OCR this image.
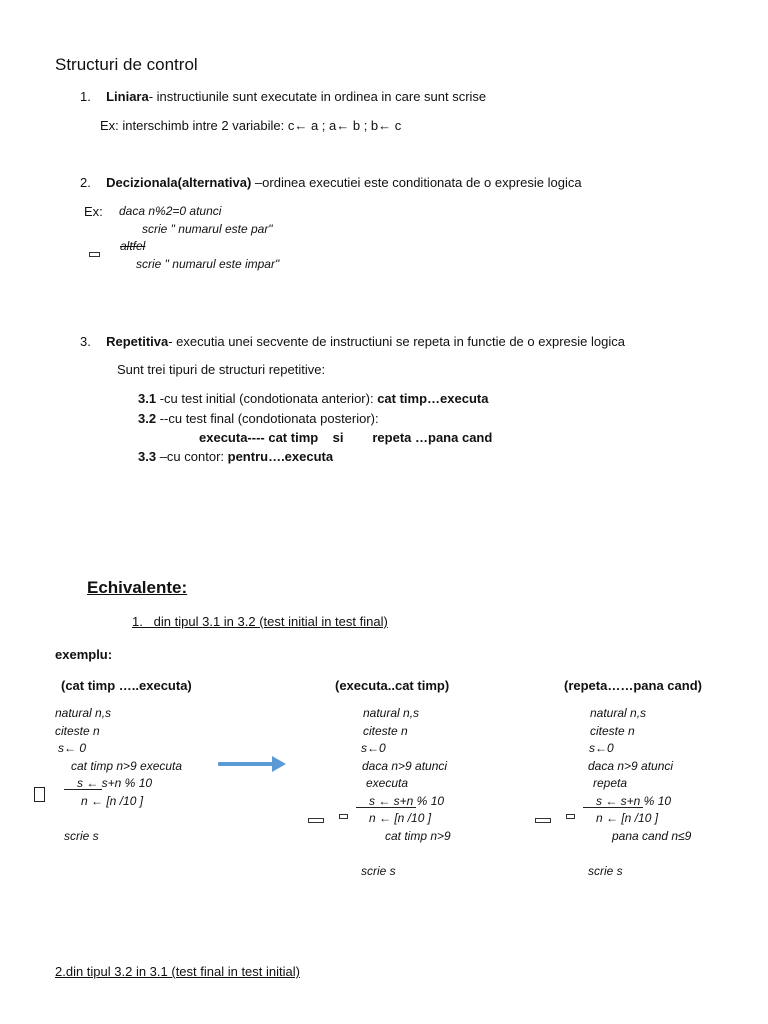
Structuri de control
1. Liniara- instructiunile sunt executate in ordinea in care sunt scrise
Ex: interschimb intre 2 variabile: c← a ; a← b ; b← c
2. Decizionala(alternativa) –ordinea executiei este conditionata de o expresie logica
Ex: daca n%2=0 atunci
scrie " numarul este par"
altfel
scrie " numarul este impar"
3. Repetitiva- executia unei secvente de instructiuni se repeta in functie de o expresie logica
Sunt trei tipuri de structuri repetitive:
3.1 -cu test initial (condotionata anterior): cat timp…executa
3.2 --cu test final (condotionata posterior):
executa---- cat timp    si        repeta …pana cand
3.3 –cu contor: pentru….executa
Echivalente:
1.   din tipul 3.1 in 3.2 (test initial in test final)
exemplu:
(cat timp …..executa)	(executa..cat timp)	(repeta……pana cand)
natural n,s
citeste n
s← 0
cat timp n>9 executa
s ← s+n % 10
n ← [n /10 ]
scrie s
natural n,s
citeste n
s←0
daca n>9 atunci
executa
s ← s+n % 10
n ← [n /10 ]
cat timp n>9
scrie s
natural n,s
citeste n
s←0
daca n>9 atunci
repeta
s ← s+n % 10
n ← [n /10 ]
pana cand n≤9
scrie s
2.din tipul 3.2 in 3.1 (test final in test initial)
